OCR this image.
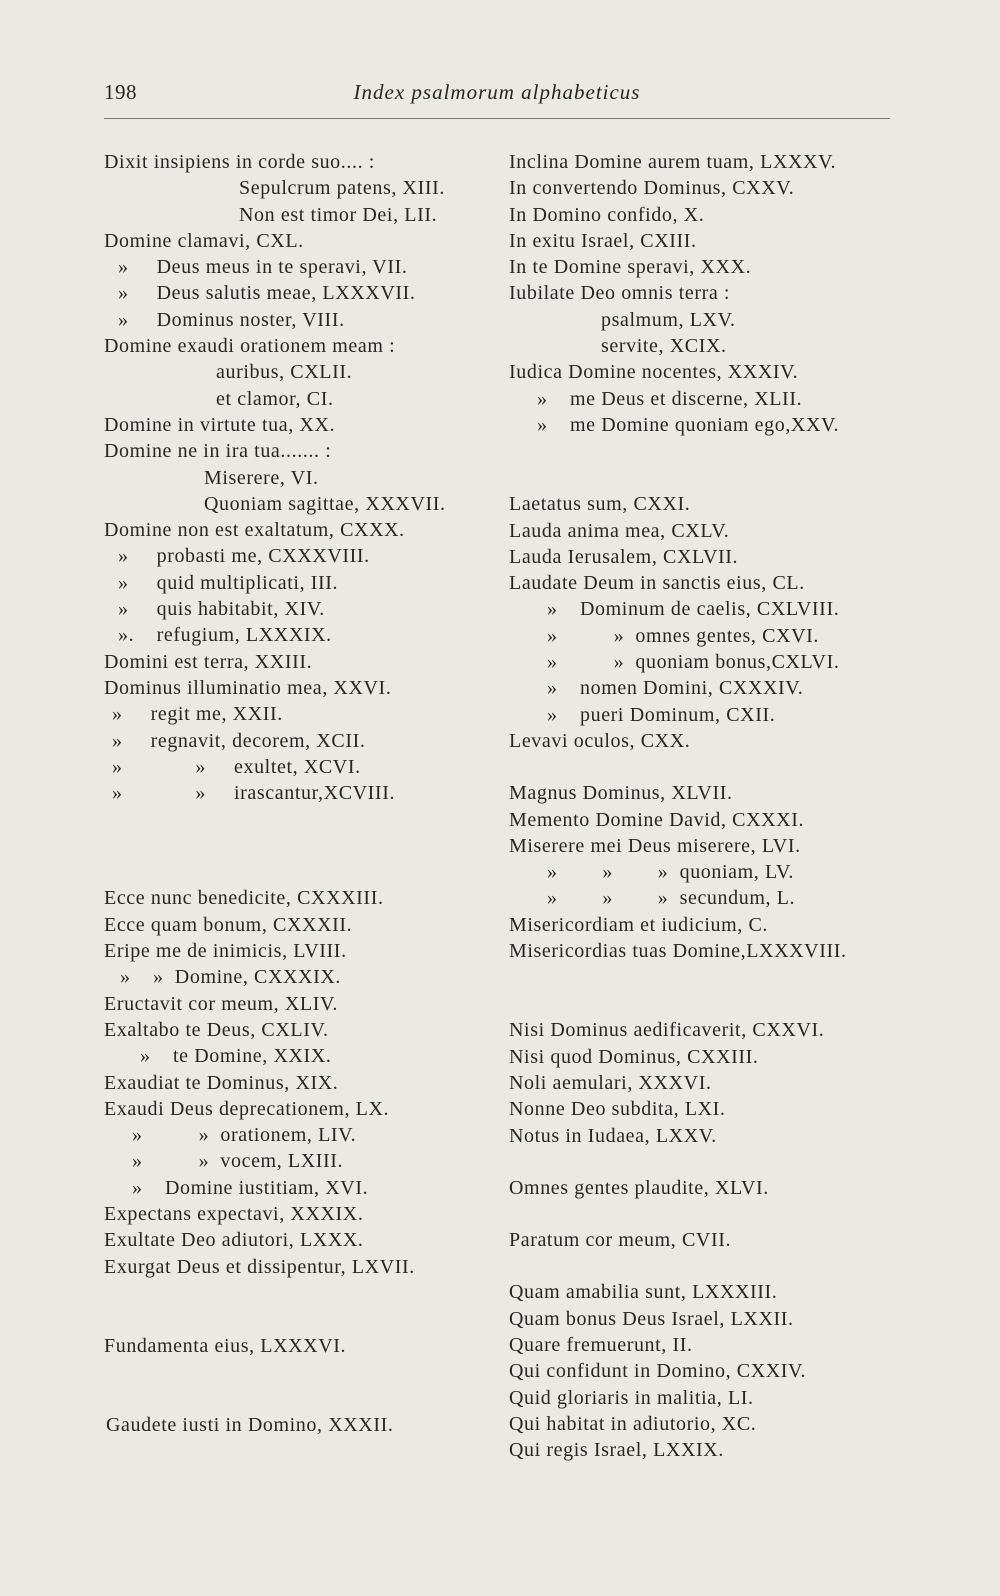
198	Index psalmorum alphabeticus
Dixit insipiens in corde suo.... :
Sepulcrum patens, XIII.
Non est timor Dei, LII.
Domine clamavi, CXL.
»     Deus meus in te speravi, VII.
»     Deus salutis meae, LXXXVII.
»     Dominus noster, VIII.
Domine exaudi orationem meam :
auribus, CXLII.
et clamor, CI.
Domine in virtute tua, XX.
Domine ne in ira tua....... :
Miserere, VI.
Quoniam sagittae, XXXVII.
Domine non est exaltatum, CXXX.
»     probasti me, CXXXVIII.
»     quid multiplicati, III.
»     quis habitabit, XIV.
».    refugium, LXXXIX.
Domini est terra, XXIII.
Dominus illuminatio mea, XXVI.
»     regit me, XXII.
»     regnavit, decorem, XCII.
»             »     exultet, XCVI.
»             »     irascantur,XCVIII.
Ecce nunc benedicite, CXXXIII.
Ecce quam bonum, CXXXII.
Eripe me de inimicis, LVIII.
»    »  Domine, CXXXIX.
Eructavit cor meum, XLIV.
Exaltabo te Deus, CXLIV.
»    te Domine, XXIX.
Exaudiat te Dominus, XIX.
Exaudi Deus deprecationem, LX.
»          »  orationem, LIV.
»          »  vocem, LXIII.
»    Domine iustitiam, XVI.
Expectans expectavi, XXXIX.
Exultate Deo adiutori, LXXX.
Exurgat Deus et dissipentur, LXVII.
Fundamenta eius, LXXXVI.
Gaudete iusti in Domino, XXXII.
Inclina Domine aurem tuam, LXXXV.
In convertendo Dominus, CXXV.
In Domino confido, X.
In exitu Israel, CXIII.
In te Domine speravi, XXX.
Iubilate Deo omnis terra :
psalmum, LXV.
servite, XCIX.
Iudica Domine nocentes, XXXIV.
»    me Deus et discerne, XLII.
»    me Domine quoniam ego,XXV.
Laetatus sum, CXXI.
Lauda anima mea, CXLV.
Lauda Ierusalem, CXLVII.
Laudate Deum in sanctis eius, CL.
»    Dominum de caelis, CXLVIII.
»          »  omnes gentes, CXVI.
»          »  quoniam bonus,CXLVI.
»    nomen Domini, CXXXIV.
»    pueri Dominum, CXII.
Levavi oculos, CXX.
Magnus Dominus, XLVII.
Memento Domine David, CXXXI.
Miserere mei Deus miserere, LVI.
»        »        »  quoniam, LV.
»        »        »  secundum, L.
Misericordiam et iudicium, C.
Misericordias tuas Domine,LXXXVIII.
Nisi Dominus aedificaverit, CXXVI.
Nisi quod Dominus, CXXIII.
Noli aemulari, XXXVI.
Nonne Deo subdita, LXI.
Notus in Iudaea, LXXV.
Omnes gentes plaudite, XLVI.
Paratum cor meum, CVII.
Quam amabilia sunt, LXXXIII.
Quam bonus Deus Israel, LXXII.
Quare fremuerunt, II.
Qui confidunt in Domino, CXXIV.
Quid gloriaris in malitia, LI.
Qui habitat in adiutorio, XC.
Qui regis Israel, LXXIX.
